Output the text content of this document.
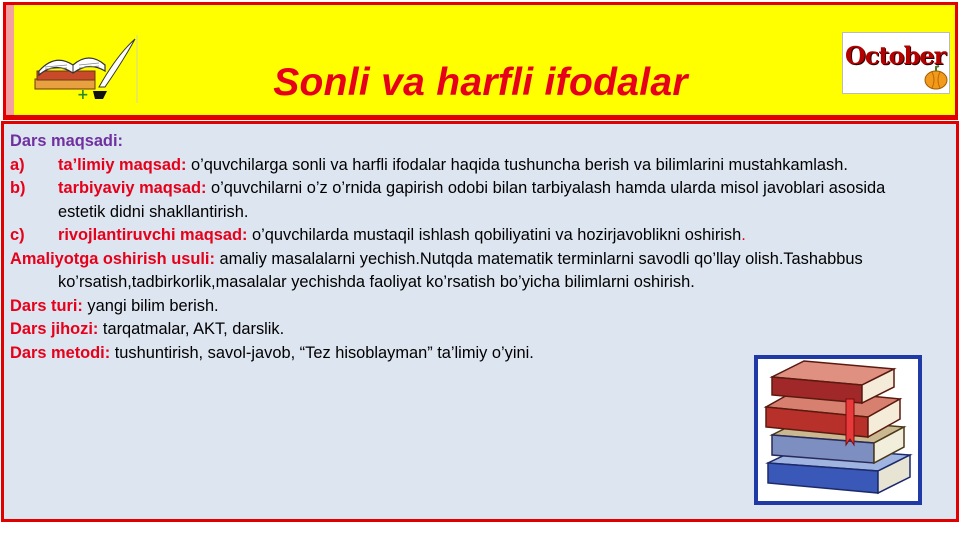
+	Sonli va harfli ifodalar
October
Dars maqsadi:
a) ta’limiy maqsad: o’quvchilarga sonli va harfli ifodalar haqida tushuncha berish va bilimlarini mustahkamlash.
b) tarbiyaviy maqsad: o’quvchilarni o’z o’rnida gapirish odobi bilan tarbiyalash hamda ularda misol javoblari asosida estetik didni shakllantirish.
c) rivojlantiruvchi maqsad: o’quvchilarda mustaqil ishlash qobiliyatini va hozirjavoblikni oshirish.
Amaliyotga oshirish usuli: amaliy masalalarni yechish.Nutqda matematik terminlarni savodli qo’llay olish.Tashabbus ko’rsatish,tadbirkorlik,masalalar yechishda faoliyat ko’rsatish bo’yicha bilimlarni oshirish.
Dars turi: yangi bilim berish.
Dars jihozi: tarqatmalar, AKT, darslik.
Dars metodi: tushuntirish, savol-javob, “Tez hisoblayman” ta’limiy o’yini.
